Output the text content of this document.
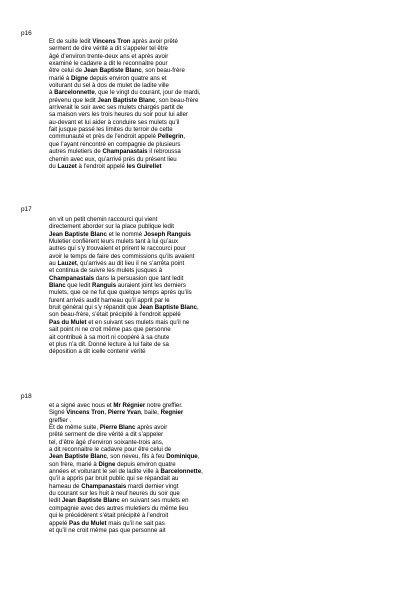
p16
Et de suite ledit Vincens Tron après avoir prêté
serment de dire vérité a dit s’appeler tel être
âgé d’environ trente-deux ans et après avoir
examiné le cadavre a dit le reconnaitre pour
être celui de Jean Baptiste Blanc, son beau-frère
marié à Digne depuis environ quatre ans et
voiturant du sel à dos de mulet de ladite ville
à Barcelonnette, que le vingt du courant, jour de mardi,
prévenu que ledit Jean Baptiste Blanc, son beau-frère
arriverait le soir avec ses mulets chargés partit de
sa maison vers les trois heures du soir pour lui aller
au-devant et lui aider à conduire ses mulets qu’il
fait jusque passé les limites du terroir de cette
communauté et près de l’endroit appelé Pellegrin,
que l’ayant rencontré en compagnie de plusieurs
autres muletiers de Champanastais il rebroussa
chemin avec eux, qu’arrivé près du présent lieu
du Lauzet à l’endroit appelé les Guirellet
p17
en vit un petit chemin raccourci qui vient
directement aborder sur la place publique ledit
Jean Baptiste Blanc et le nommé Joseph Ranguis
Muletier confièrent leurs mulets tant à lui qu’aux
autres qui s’y trouvaient et prirent le raccourci pour
avoir le temps de faire des commissions qu’ils avaient
au Lauzet, qu’arrivés au dit lieu il ne s’arrêta point
et continua de suivre les mulets jusques à
Champanastais dans la persuasion que tant ledit
Blanc que ledit Ranguis auraient joint les derniers
mulets, que ce ne fut que quelque temps après qu’ils
furent arrivés audit hameau qu’il apprit par le
bruit général qui s’y répandit que Jean Baptiste Blanc,
son beau-frère, s’était précipité à l’endroit appelé
Pas du Mulet et en suivant ses mulets mais qu’il ne
sait point ni ne croit même pas que personne
ait contribué à sa mort ni coopéré à sa chute
et plus n’a dit. Donné lecture à lui faite de sa
déposition a dit icelle contenir vérité
p18
et a signé avec nous et Mr Régnier notre greffier.
Signé Vincens Tron, Pierre Yvan, baile, Regnier
greffier .
Et de même suite, Pierre Blanc après avoir
prêté serment de dire vérité a dit s’appeler
tel, d’être âgé d’environ soixante-trois ans,
a dit reconnaitre le cadavre pour être celui de
Jean Baptiste Blanc, son neveu, fils à feu Dominique,
son frère, marié à Digne depuis environ quatre
années et voiturant le sel de ladite ville à Barcelonnette,
qu’il a appris par bruit public qui se répandait au
hameau de Champanastais mardi dernier vingt
du courant sur les huit à neuf heures du soir que
ledit Jean Baptiste Blanc en suivant ses mulets en
compagnie avec des autres muletiers du même lieu
qui le précédèrent s’était précipité à l’endroit
appelé Pas du Mulet mais qu’il ne sait pas
et qu’il ne croit même pas que personne ait
